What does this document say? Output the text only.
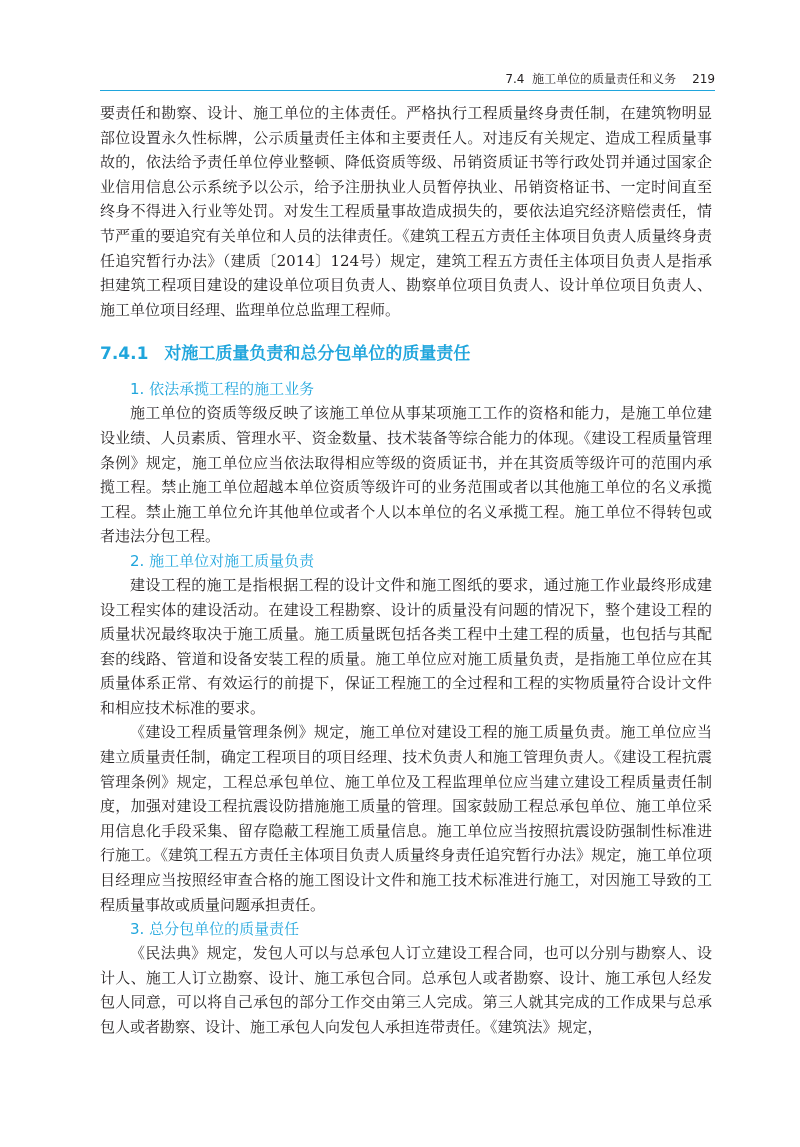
7.4 施工单位的质量责任和义务 219

要责任和勘察、设计、施工单位的主体责任。严格执行工程质量终身责任制，在建筑物明显部位设置永久性标牌，公示质量责任主体和主要责任人。对违反有关规定、造成工程质量事故的，依法给予责任单位停业整顿、降低资质等级、吊销资质证书等行政处罚并通过国家企业信用信息公示系统予以公示，给予注册执业人员暂停执业、吊销资格证书、一定时间直至终身不得进入行业等处罚。对发生工程质量事故造成损失的，要依法追究经济赔偿责任，情节严重的要追究有关单位和人员的法律责任。《建筑工程五方责任主体项目负责人质量终身责任追究暂行办法》（建质〔2014〕124号）规定，建筑工程五方责任主体项目负责人是指承担建筑工程项目建设的建设单位项目负责人、勘察单位项目负责人、设计单位项目负责人、施工单位项目经理、监理单位总监理工程师。

7.4.1 对施工质量负责和总分包单位的质量责任
1. 依法承揽工程的施工业务

施工单位的资质等级反映了该施工单位从事某项施工工作的资格和能力，是施工单位建设业绩、人员素质、管理水平、资金数量、技术装备等综合能力的体现。《建设工程质量管理条例》规定，施工单位应当依法取得相应等级的资质证书，并在其资质等级许可的范围内承揽工程。禁止施工单位超越本单位资质等级许可的业务范围或者以其他施工单位的名义承揽工程。禁止施工单位允许其他单位或者个人以本单位的名义承揽工程。施工单位不得转包或者违法分包工程。

2. 施工单位对施工质量负责

建设工程的施工是指根据工程的设计文件和施工图纸的要求，通过施工作业最终形成建设工程实体的建设活动。在建设工程勘察、设计的质量没有问题的情况下，整个建设工程的质量状况最终取决于施工质量。施工质量既包括各类工程中土建工程的质量，也包括与其配套的线路、管道和设备安装工程的质量。施工单位应对施工质量负责，是指施工单位应在其质量体系正常、有效运行的前提下，保证工程施工的全过程和工程的实物质量符合设计文件和相应技术标准的要求。

《建设工程质量管理条例》规定，施工单位对建设工程的施工质量负责。施工单位应当建立质量责任制，确定工程项目的项目经理、技术负责人和施工管理负责人。《建设工程抗震管理条例》规定，工程总承包单位、施工单位及工程监理单位应当建立建设工程质量责任制度，加强对建设工程抗震设防措施施工质量的管理。国家鼓励工程总承包单位、施工单位采用信息化手段采集、留存隐蔽工程施工质量信息。施工单位应当按照抗震设防强制性标准进行施工。《建筑工程五方责任主体项目负责人质量终身责任追究暂行办法》规定，施工单位项目经理应当按照经审查合格的施工图设计文件和施工技术标准进行施工，对因施工导致的工程质量事故或质量问题承担责任。

3. 总分包单位的质量责任

《民法典》规定，发包人可以与总承包人订立建设工程合同，也可以分别与勘察人、设计人、施工人订立勘察、设计、施工承包合同。总承包人或者勘察、设计、施工承包人经发包人同意，可以将自己承包的部分工作交由第三人完成。第三人就其完成的工作成果与总承包人或者勘察、设计、施工承包人向发包人承担连带责任。《建筑法》规定，
